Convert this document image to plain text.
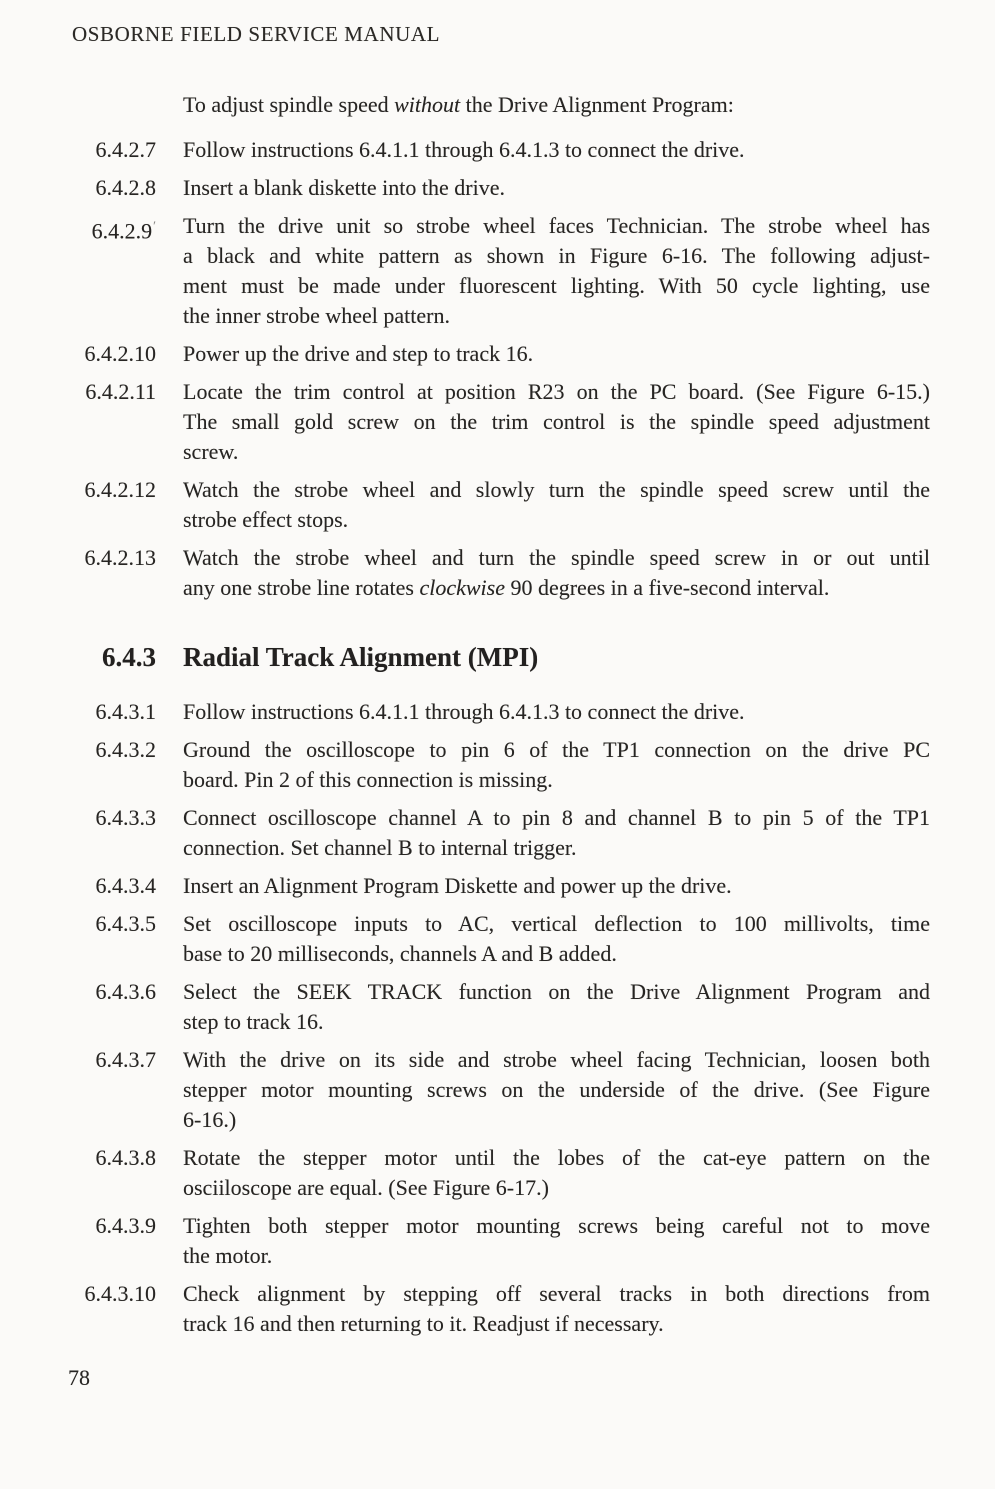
OSBORNE FIELD SERVICE MANUAL
To adjust spindle speed without the Drive Alignment Program:
6.4.2.7 Follow instructions 6.4.1.1 through 6.4.1.3 to connect the drive.
6.4.2.8 Insert a blank diskette into the drive.
$6.4.2.9^ʹ$ Turn the drive unit so strobe wheel faces Technician. The strobe wheel has
a black and white pattern as shown in Figure 6-16. The following adjust-
ment must be made under fluorescent lighting. With 50 cycle lighting, use
the inner strobe wheel pattern.
6.4.2.10 Power up the drive and step to track 16.
6.4.2.11 Locate the trim control at position R23 on the PC board. (See Figure 6-15.)
The small gold screw on the trim control is the spindle speed adjustment
screw.
6.4.2.12 Watch the strobe wheel and slowly turn the spindle speed screw until the
strobe effect stops.
6.4.2.13 Watch the strobe wheel and turn the spindle speed screw in or out until
any one strobe line rotates clockwise 90 degrees in a five-second interval.
6.4.3 Radial Track Alignment (MPI)
6.4.3.1 Follow instructions 6.4.1.1 through 6.4.1.3 to connect the drive.
6.4.3.2 Ground the oscilloscope to pin 6 of the TP1 connection on the drive PC
board. Pin 2 of this connection is missing.
6.4.3.3 Connect oscilloscope channel A to pin 8 and channel B to pin 5 of the TP1
connection. Set channel B to internal trigger.
6.4.3.4 Insert an Alignment Program Diskette and power up the drive.
6.4.3.5 Set oscilloscope inputs to AC, vertical deflection to 100 millivolts, time
base to 20 milliseconds, channels A and B added.
6.4.3.6 Select the SEEK TRACK function on the Drive Alignment Program and
step to track 16.
6.4.3.7 With the drive on its side and strobe wheel facing Technician, loosen both
stepper motor mounting screws on the underside of the drive. (See Figure
6-16.)
6.4.3.8 Rotate the stepper motor until the lobes of the cat-eye pattern on the
osciiloscope are equal. (See Figure 6-17.)
6.4.3.9 Tighten both stepper motor mounting screws being careful not to move
the motor.
6.4.3.10 Check alignment by stepping off several tracks in both directions from
track 16 and then returning to it. Readjust if necessary.
78
